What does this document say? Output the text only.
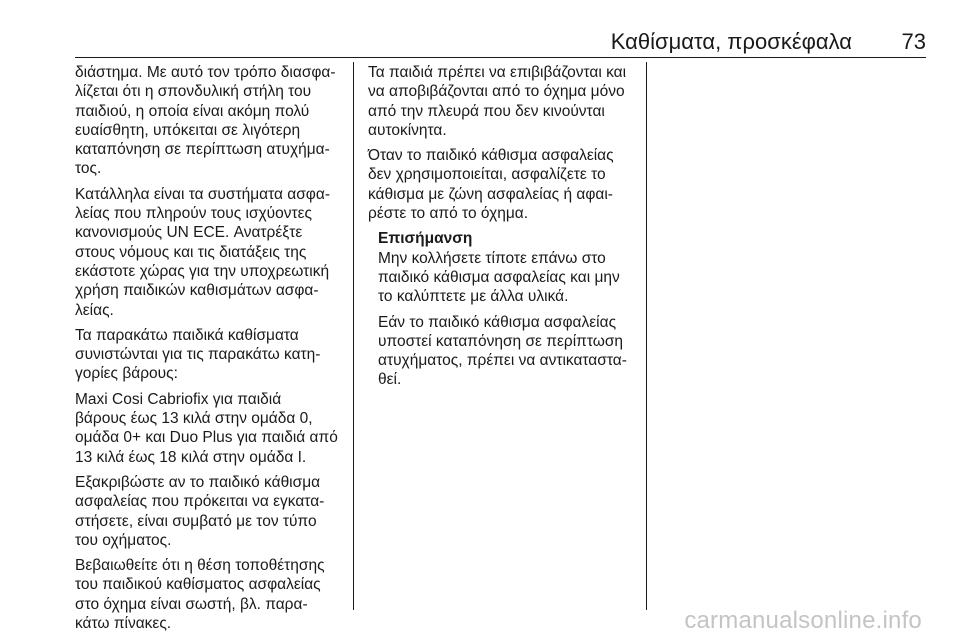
Καθίσματα, προσκέφαλα 73

διάστημα. Με αυτό τον τρόπο διασφα-
λίζεται ότι η σπονδυλική στήλη του
παιδιού, η οποία είναι ακόμη πολύ
ευαίσθητη, υπόκειται σε λιγότερη
καταπόνηση σε περίπτωση ατυχήμα-
τος.

Κατάλληλα είναι τα συστήματα ασφα-
λείας που πληρούν τους ισχύοντες
κανονισμούς UN ECE. Ανατρέξτε
στους νόμους και τις διατάξεις της
εκάστοτε χώρας για την υποχρεωτική
χρήση παιδικών καθισμάτων ασφα-
λείας.

Τα παρακάτω παιδικά καθίσματα
συνιστώνται για τις παρακάτω κατη-
γορίες βάρους:

Maxi Cosi Cabriofix για παιδιά
βάρους έως 13 κιλά στην ομάδα 0,
ομάδα 0+ και Duo Plus για παιδιά από
13 κιλά έως 18 κιλά στην ομάδα I.

Εξακριβώστε αν το παιδικό κάθισμα
ασφαλείας που πρόκειται να εγκατα-
στήσετε, είναι συμβατό με τον τύπο
του οχήματος.

Βεβαιωθείτε ότι η θέση τοποθέτησης
του παιδικού καθίσματος ασφαλείας
στο όχημα είναι σωστή, βλ. παρα-
κάτω πίνακες.

Τα παιδιά πρέπει να επιβιβάζονται και
να αποβιβάζονται από το όχημα μόνο
από την πλευρά που δεν κινούνται
αυτοκίνητα.

Όταν το παιδικό κάθισμα ασφαλείας
δεν χρησιμοποιείται, ασφαλίζετε το
κάθισμα με ζώνη ασφαλείας ή αφαι-
ρέστε το από το όχημα.

Επισήμανση

Μην κολλήσετε τίποτε επάνω στο
παιδικό κάθισμα ασφαλείας και μην
το καλύπτετε με άλλα υλικά.

Εάν το παιδικό κάθισμα ασφαλείας
υποστεί καταπόνηση σε περίπτωση
ατυχήματος, πρέπει να αντικαταστα-
θεί.

carmanualsonline.info
